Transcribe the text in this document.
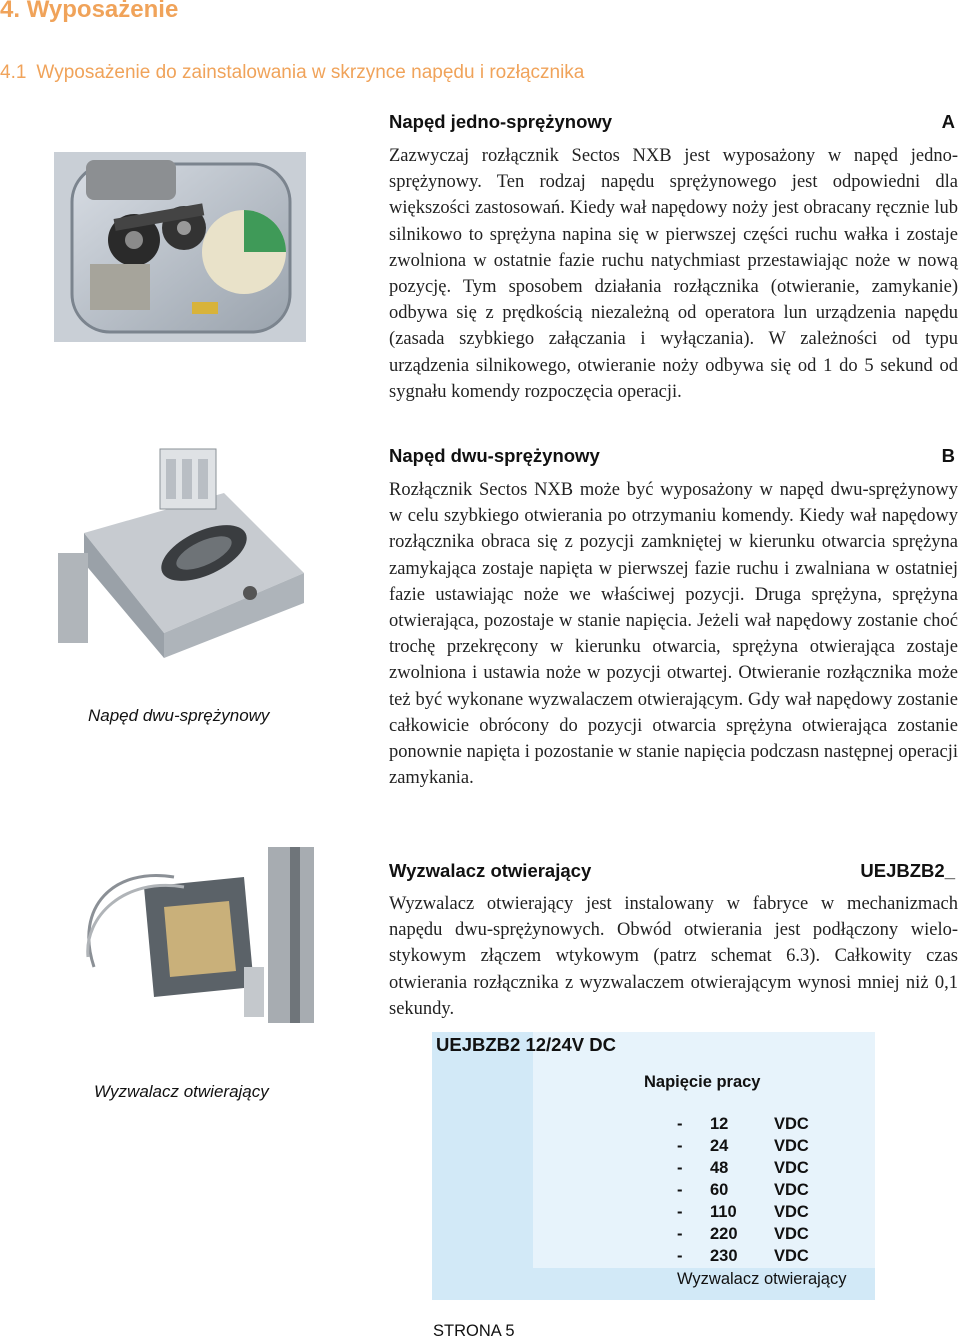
4. Wyposażenie
4.1 Wyposażenie do zainstalowania w skrzynce napędu i rozłącznika
Napęd dwu-sprężynowy
Wyzwalacz otwierający
Napęd jedno-sprężynowy	A

Zazwyczaj rozłącznik Sectos NXB jest wyposażony w napęd jedno-sprężynowy. Ten rodzaj napędu sprężynowego jest odpowiedni dla większości zastosowań. Kiedy wał napędowy noży jest obracany ręcznie lub silnikowo to sprężyna napina się w pierwszej części ruchu wałka i zostaje zwolniona w ostatnie fazie ruchu natychmiast przestawiając noże w nową pozycję. Tym sposobem działania rozłącznika (otwieranie, zamykanie) odbywa się z prędkością niezależną od operatora lun urządzenia napędu (zasada szybkiego załączania i wyłączania). W zależności od typu urządzenia silnikowego, otwieranie noży odbywa się od 1 do 5 sekund od sygnału komendy rozpoczęcia operacji.

Napęd dwu-sprężynowy	B

Rozłącznik Sectos NXB może być wyposażony w napęd dwu-sprężynowy w celu szybkiego otwierania po otrzymaniu komendy. Kiedy wał napędowy rozłącznika obraca się z pozycji zamkniętej w kierunku otwarcia sprężyna zamykająca zostaje napięta w pierwszej fazie ruchu i zwalniana w ostatniej fazie ustawiając noże we właściwej pozycji. Druga sprężyna, sprężyna otwierająca, pozostaje w stanie napięcia. Jeżeli wał napędowy zostanie choć trochę przekręcony w kierunku otwarcia, sprężyna otwierająca zostaje zwolniona i ustawia noże w pozycji otwartej. Otwieranie rozłącznika może też być wykonane wyzwalaczem otwierającym. Gdy wał napędowy zostanie całkowicie obrócony do pozycji otwarcia sprężyna otwierająca zostanie ponownie napięta i pozostanie w stanie napięcia podczasn następnej operacji zamykania.

Wyzwalacz otwierający	UEJBZB2_

Wyzwalacz otwierający jest instalowany w fabryce w mechanizmach napędu dwu-sprężynowych. Obwód otwierania jest podłączony wielo-stykowym złączem wtykowym (patrz schemat 6.3). Całkowity czas otwierania rozłącznika z wyzwalaczem otwierającym wynosi mniej niż 0,1 sekundy.

UEJBZB2 12/24V DC
Napięcie pracy
- 12	VDC
- 24	VDC
- 48	VDC
- 60	VDC
- 110 VDC
- 220 VDC
- 230 VDC
Wyzwalacz otwierający
STRONA 5
